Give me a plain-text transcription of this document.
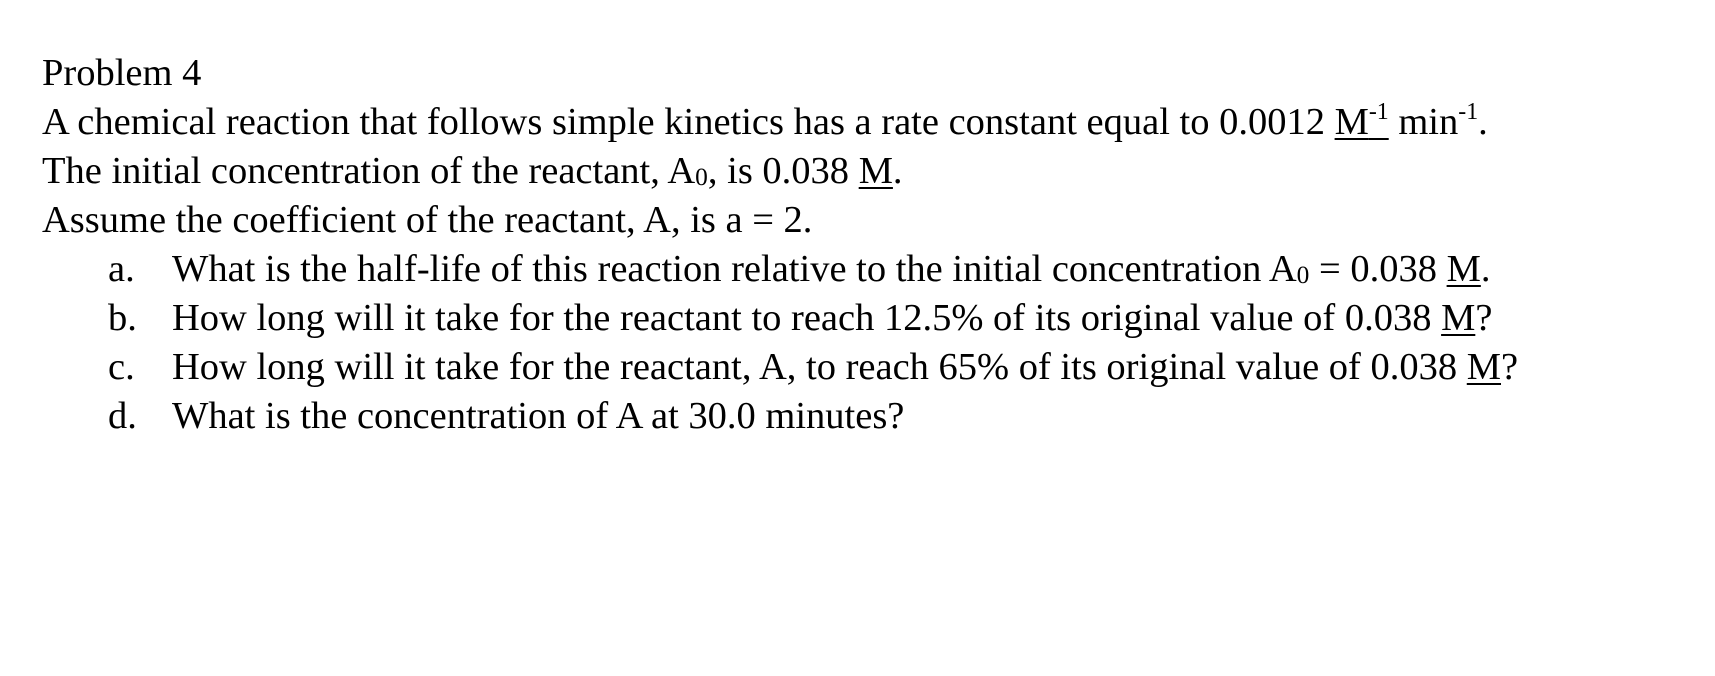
Problem 4
A chemical reaction that follows simple kinetics has a rate constant equal to 0.0012 $M^{-1}$ $\min^{-1}$.
The initial concentration of the reactant, A0, is 0.038 M.
Assume the coefficient of the reactant, A, is a = 2.
a. What is the half-life of this reaction relative to the initial concentration A0 = 0.038 M.
b. How long will it take for the reactant to reach 12.5% of its original value of 0.038 M?
c. How long will it take for the reactant, A, to reach 65% of its original value of 0.038 M?
d. What is the concentration of A at 30.0 minutes?
